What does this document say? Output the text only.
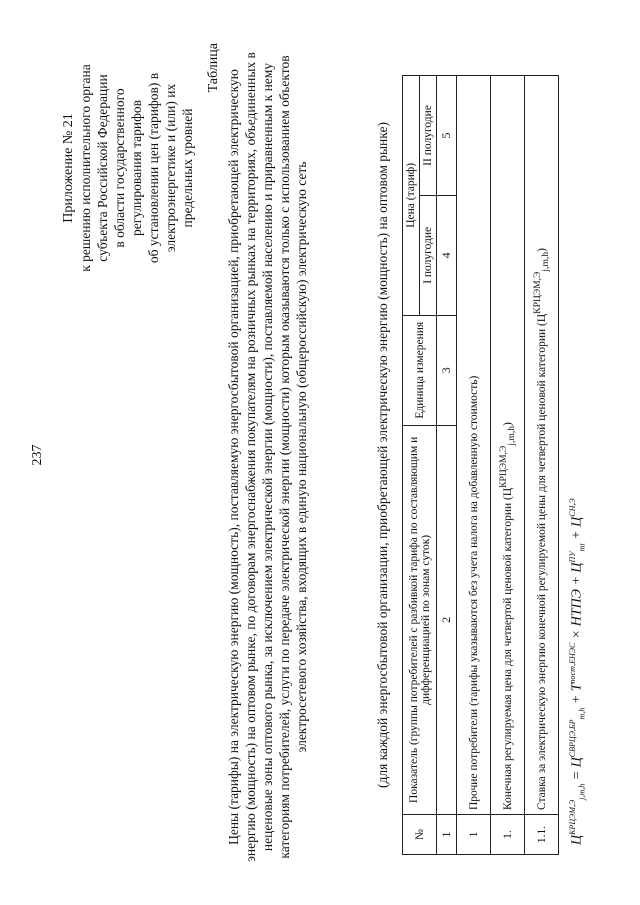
237
Приложение № 21 к решению исполнительного органа субъекта Российской Федерации в области государственного регулирования тарифов об установлении цен (тарифов) в электроэнергетике и (или) их предельных уровней
Таблица
Цены (тарифы) на электрическую энергию (мощность), поставляемую энергосбытовой организацией, приобретающей электрическую энергию (мощность) на оптовом рынке, по договорам энергоснабжения покупателям на розничных рынках на территориях, объединенных в неценовые зоны оптового рынка, за исключением электрической энергии (мощности), поставляемой населению и приравненным к нему категориям потребителей, услуги по передаче электрической энергии (мощности) которым оказываются только с использованием объектов электросетевого хозяйства, входящих в единую национальную (общероссийскую) электрическую сеть	(для каждой энергосбытовой организации, приобретающей электрическую энергию (мощность) на оптовом рынке)
№	Показатель (группы потребителей с разбивкой тарифа по составляющим и дифференциацией по зонам суток)	Единица измерения	Цена (тариф)	
			I полугодие	II полугодие
1	2	3	4	5
1	Прочие потребители (тарифы указываются без учета налога на добавленную стоимость)			
1.	Конечная регулируемая цена для четвертой ценовой категории $(Ц^{КРЦЭМ,Э}_{j,m,h})$			
1.1.	Ставка за электрическую энергию конечной регулируемой цены для четвертой ценовой категории $(Ц^{КРЦЭМ,Э}_{j,m,h})$			
$Ц^{КРЦЭМ,Э}_{j,m,h} = Ц^{СВРЦЭ,БР}_{m,h} + Т^{пост,ЕНЭС}$ × НТПЭ + $Ц^{ПУ}_{mt} + Ц^{СН,Э}$
